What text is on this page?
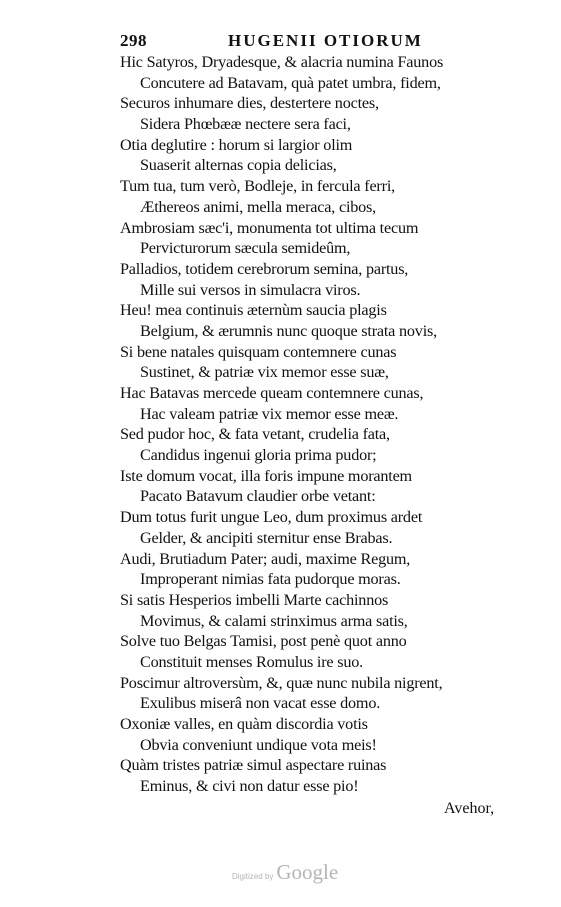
298	HUGENII OTIORUM
Hic Satyros, Dryadesque, & alacria numina Faunos
Concutere ad Batavam, quà patet umbra, fidem,
Securos inhumare dies, destertere noctes,
Sidera Phœbææ nectere sera faci,
Otia deglutire : horum si largior olim
Suaserit alternas copia delicias,
Tum tua, tum verò, Bodleje, in fercula ferri,
Æthereos animi, mella meraca, cibos,
Ambrosiam sæc'i, monumenta tot ultima tecum
Pervicturorum sæcula semideûm,
Palladios, totidem cerebrorum semina, partus,
Mille sui versos in simulacra viros.
Heu! mea continuis æternùm saucia plagis
Belgium, & ærumnis nunc quoque strata novis,
Si bene natales quisquam contemnere cunas
Sustinet, & patriæ vix memor esse suæ,
Hac Batavas mercede queam contemnere cunas,
Hac valeam patriæ vix memor esse meæ.
Sed pudor hoc, & fata vetant, crudelia fata,
Candidus ingenui gloria prima pudor;
Iste domum vocat, illa foris impune morantem
Pacato Batavum claudier orbe vetant:
Dum totus furit ungue Leo, dum proximus ardet
Gelder, & ancipiti sternitur ense Brabas.
Audi, Brutiadum Pater; audi, maxime Regum,
Improperant nimias fata pudorque moras.
Si satis Hesperios imbelli Marte cachinnos
Movimus, & calami strinximus arma satis,
Solve tuo Belgas Tamisi, post penè quot anno
Constituit menses Romulus ire suo.
Poscimur altroversùm, &, quæ nunc nubila nigrent,
Exulibus miserâ non vacat esse domo.
Oxoniæ valles, en quàm discordia votis
Obvia conveniunt undique vota meis!
Quàm tristes patriæ simul aspectare ruinas
Eminus, & civi non datur esse pio!
Avehor,
Digitized by Google
